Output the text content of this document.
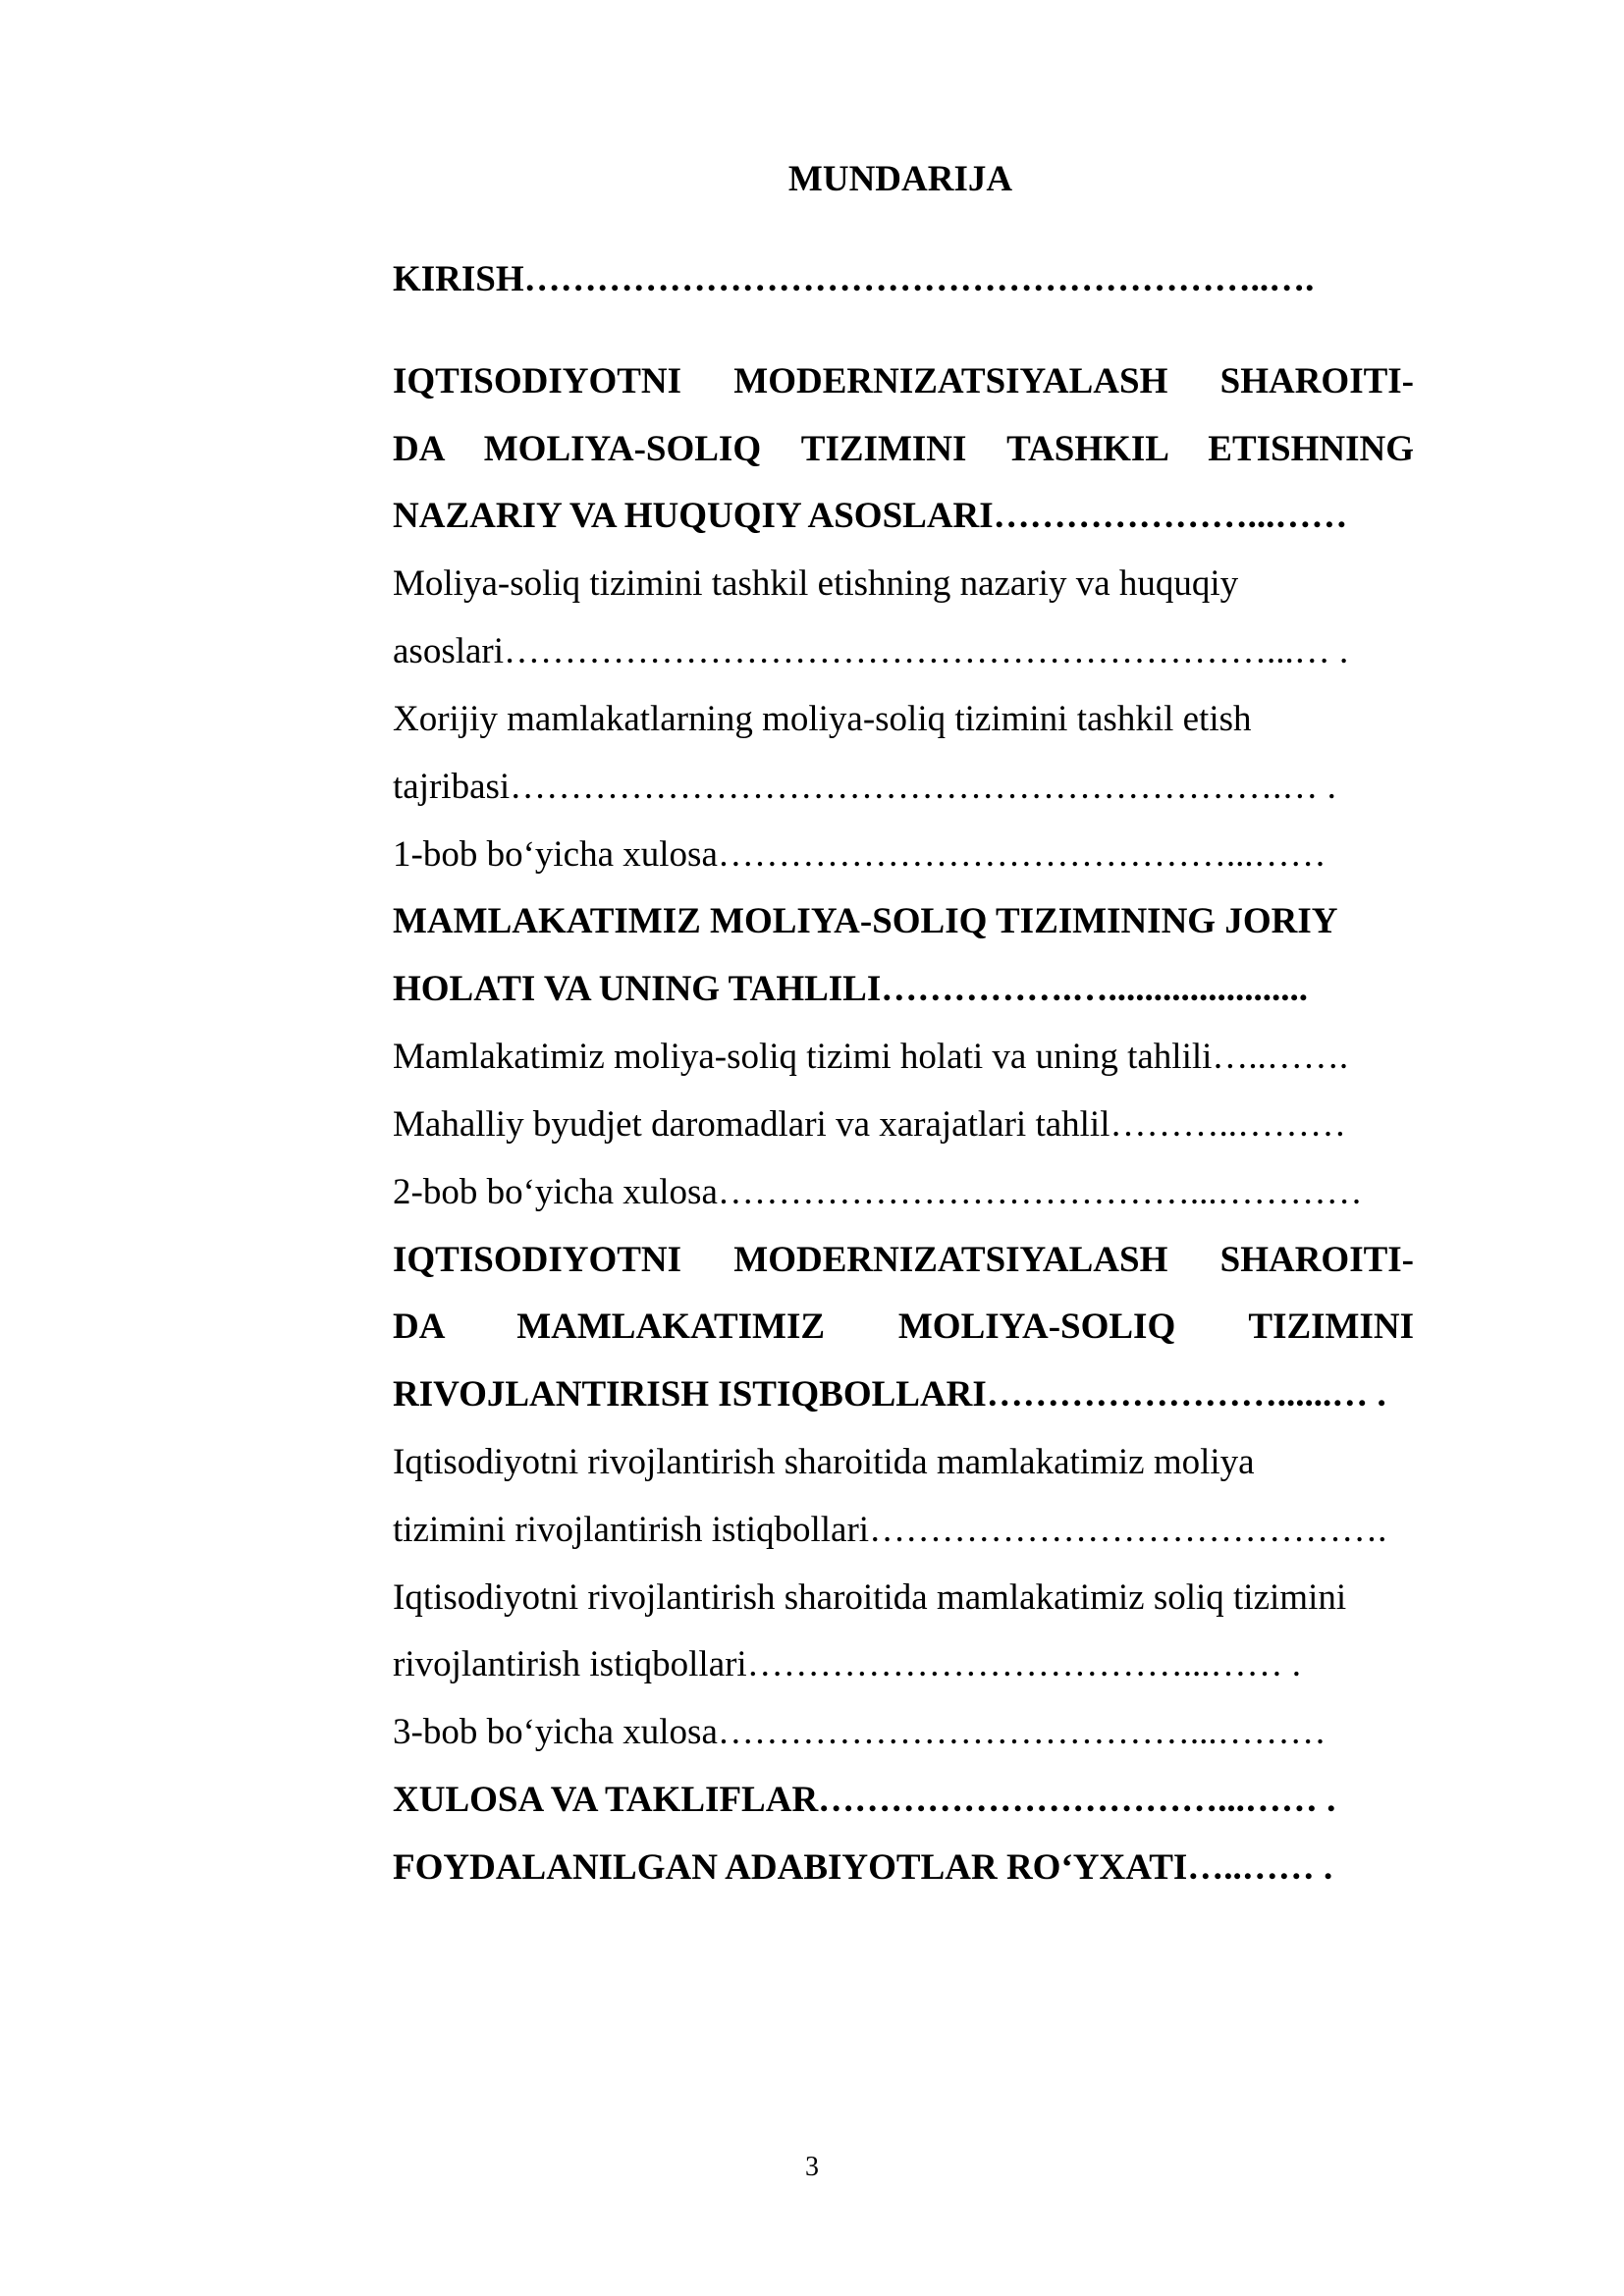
MUNDARIJA
KIRISH……………………………………………………..….
IQTISODIYOTNI MODERNIZATSIYALASH SHAROITI-
DA MOLIYA-SOLIQ TIZIMINI TASHKIL ETISHNING
NAZARIY VA HUQUQIY ASOSLARI…………………...……
Moliya-soliq tizimini tashkil etishning nazariy va huquqiy
asoslari………………………………………………………...… .
Xorijiy mamlakatlarning moliya-soliq tizimini tashkil etish
tajribasi……………………………………………………….… .
1-bob bo‘yicha xulosa……………………………………...……
MAMLAKATIMIZ MOLIYA-SOLIQ TIZIMINING JORIY
HOLATI VA UNING TAHLILI…………….…......................
Mamlakatimiz moliya-soliq tizimi holati va uning tahlili…..…….
Mahalliy byudjet daromadlari va xarajatlari tahlil………..………
2-bob bo‘yicha xulosa…………………………………...…………
IQTISODIYOTNI MODERNIZATSIYALASH SHAROITI-
DA MAMLAKATIMIZ MOLIYA-SOLIQ TIZIMINI
RIVOJLANTIRISH ISTIQBOLLARI……………………......… .
Iqtisodiyotni rivojlantirish sharoitida mamlakatimiz moliya
tizimini rivojlantirish istiqbollari…………………………………….
Iqtisodiyotni rivojlantirish sharoitida mamlakatimiz soliq tizimini
rivojlantirish istiqbollari………………………………...…… .
3-bob bo‘yicha xulosa…………………………………...………
XULOSA VA TAKLIFLAR……………………………...…… .
FOYDALANILGAN ADABIYOTLAR RO‘YXATI…..…… .
3
